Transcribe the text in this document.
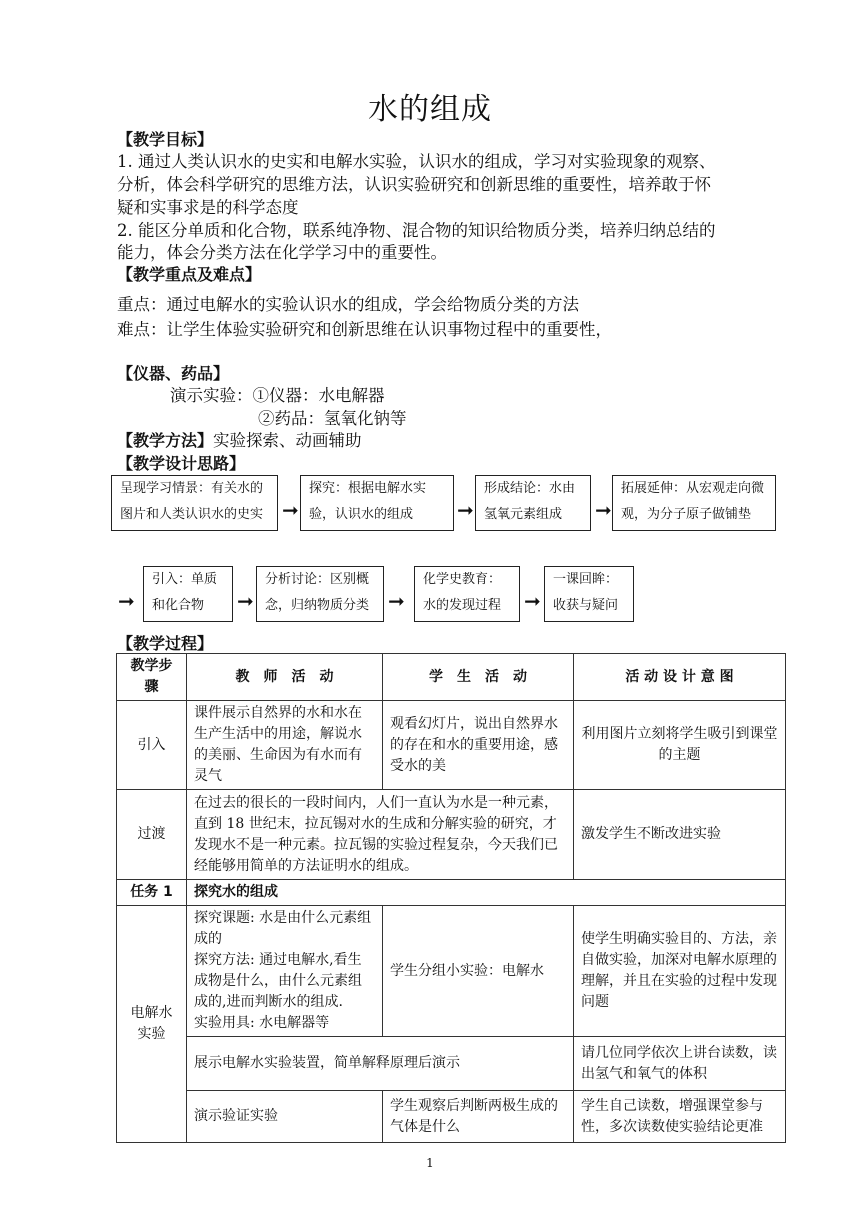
水的组成
【教学目标】
1. 通过人类认识水的史实和电解水实验，认识水的组成，学习对实验现象的观察、
分析，体会科学研究的思维方法，认识实验研究和创新思维的重要性，培养敢于怀
疑和实事求是的科学态度
2. 能区分单质和化合物，联系纯净物、混合物的知识给物质分类，培养归纳总结的
能力，体会分类方法在化学学习中的重要性。
【教学重点及难点】
重点：通过电解水的实验认识水的组成，学会给物质分类的方法
难点：让学生体验实验研究和创新思维在认识事物过程中的重要性，
【仪器、药品】
演示实验：①仪器：水电解器
②药品：氢氧化钠等
【教学方法】实验探索、动画辅助
【教学设计思路】
呈现学习情景：有关水的
图片和人类认识水的史实 ➞
探究：根据电解水实
验，认识水的组成	➞
形成结论：水由
氢氧元素组成	➞
拓展延伸：从宏观走向微
观，为分子原子做铺垫
➞
引入：单质
和化合物	➞
分析讨论：区别概
念，归纳物质分类 ➞
化学史教育：
水的发现过程	➞
一课回眸：
收获与疑问
【教学过程】
教学步骤	教　师　活　动	学　生　活　动	活 动 设 计 意 图
引入	课件展示自然界的水和水在生产生活中的用途，解说水的美丽、生命因为有水而有灵气	观看幻灯片，说出自然界水的存在和水的重要用途，感受水的美	利用图片立刻将学生吸引到课堂的主题
过渡	在过去的很长的一段时间内，人们一直认为水是一种元素，直到 18 世纪末，拉瓦锡对水的生成和分解实验的研究，才发现水不是一种元素。拉瓦锡的实验过程复杂，今天我们已经能够用简单的方法证明水的组成。		激发学生不断改进实验
任务 1	探究水的组成		
电解水实验	探究课题: 水是由什么元素组成的
探究方法: 通过电解水,看生成物是什么，由什么元素组成的,进而判断水的组成.
实验用具: 水电解器等	学生分组小实验：电解水	使学生明确实验目的、方法，亲自做实验，加深对电解水原理的理解，并且在实验的过程中发现问题
	展示电解水实验装置，简单解释原理后演示		请几位同学依次上讲台读数，读出氢气和氧气的体积
	演示验证实验	学生观察后判断两极生成的气体是什么	学生自己读数，增强课堂参与性，多次读数使实验结论更准
1
